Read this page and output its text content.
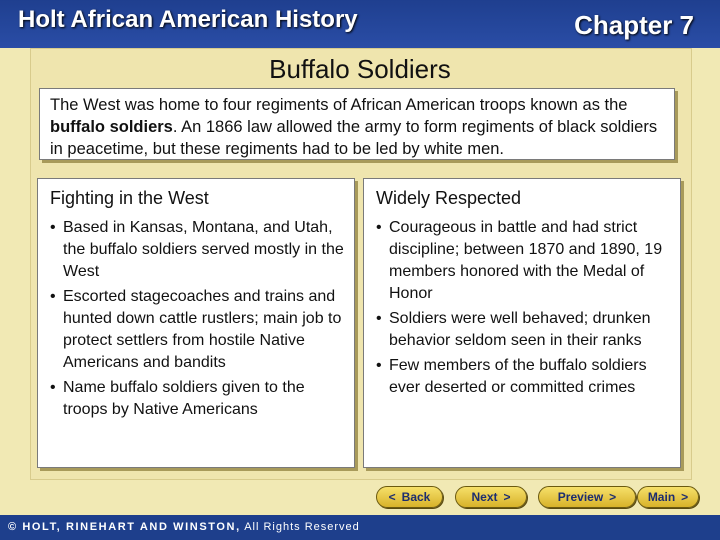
Holt African American History	Chapter 7
Buffalo Soldiers
The West was home to four regiments of African American troops known as the buffalo soldiers. An 1866 law allowed the army to form regiments of black soldiers in peacetime, but these regiments had to be led by white men.
Fighting in the West
• Based in Kansas, Montana, and Utah, the buffalo soldiers served mostly in the West
• Escorted stagecoaches and trains and hunted down cattle rustlers; main job to protect settlers from hostile Native Americans and bandits
• Name buffalo soldiers given to the troops by Native Americans
Widely Respected
• Courageous in battle and had strict discipline; between 1870 and 1890, 19 members honored with the Medal of Honor
• Soldiers were well behaved; drunken behavior seldom seen in their ranks
• Few members of the buffalo soldiers ever deserted or committed crimes
< Back	Next >	Preview >	Main >
© HOLT, RINEHART AND WINSTON, All Rights Reserved
